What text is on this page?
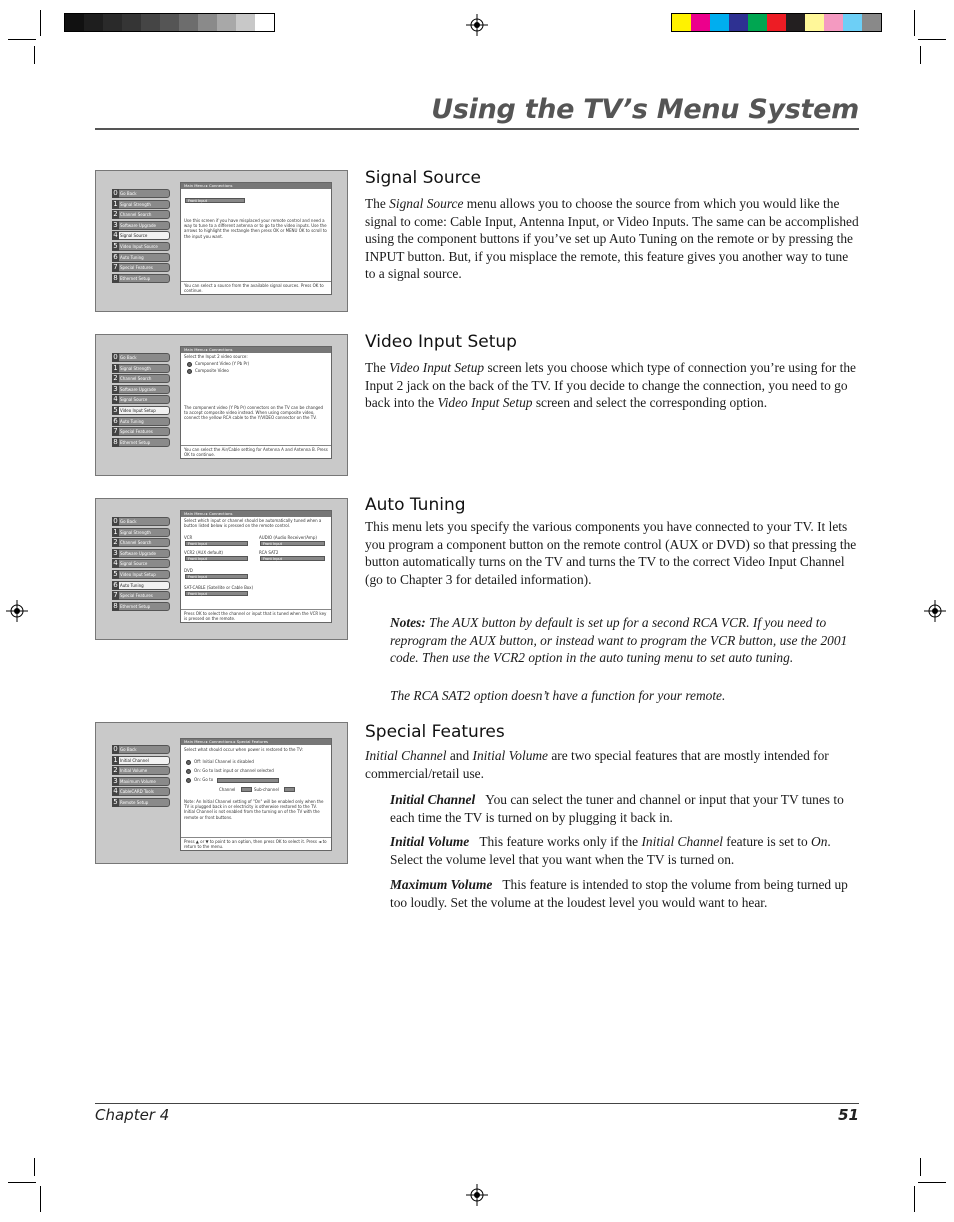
Using the TV’s Menu System
0 Go Back
1 Signal Strength
2 Channel Search
3 Software Upgrade
4 Signal Source
5 Video Input Source
6 Auto Tuning
7 Special Features
8 Ethernet Setup
Main Menu ▸ Connections
Front Input
Use this screen if you have misplaced your remote control and need a way to tune to a different antenna or to go to the video inputs. Use the arrows to highlight the rectangle then press OK or MENU OK to scroll to the input you want.
You can select a source from the available signal sources. Press OK to continue.
Signal Source

The Signal Source menu allows you to choose the source from which you would like the signal to come: Cable Input, Antenna Input, or Video Inputs. The same can be accomplished using the component buttons if you’ve set up Auto Tuning on the remote or by pressing the INPUT button. But, if you misplace the remote, this feature gives you another way to tune to a signal source.

0 Go Back
1 Signal Strength
2 Channel Search
3 Software Upgrade
4 Signal Source
5 Video Input Setup
6 Auto Tuning
7 Special Features
8 Ethernet Setup
Main Menu ▸ Connections
Select the Input 2 video source:
Component Video (Y Pb Pr)
Composite Video
The component video (Y Pb Pr) connectors on the TV can be changed to accept composite video instead. When using composite video, connect the yellow RCA cable to the Y/VIDEO connector on the TV.
You can select the Air/Cable setting for Antenna A and Antenna B. Press OK to continue.
Video Input Setup

The Video Input Setup screen lets you choose which type of connection you’re using for the Input 2 jack on the back of the TV. If you decide to change the connection, you need to go back into the Video Input Setup screen and select the corresponding option.

0 Go Back
1 Signal Strength
2 Channel Search
3 Software Upgrade
4 Signal Source
5 Video Input Setup
6 Auto Tuning
7 Special Features
8 Ethernet Setup
Main Menu ▸ Connections
Select which input or channel should be automatically tuned when a button listed below is pressed on the remote control.
VCR
Front Input
VCR2 (AUX default)
Front Input
DVD
Front Input
SAT-CABLE (Satellite or Cable Box)
Front Input
AUDIO (Audio Receiver/Amp)
Front Input
RCA SAT2
Front Input
Press OK to select the channel or input that is tuned when the VCR key is pressed on the remote.
Auto Tuning

This menu lets you specify the various components you have connected to your TV. It lets you program a component button on the remote control (AUX or DVD) so that pressing the button automatically turns on the TV and turns the TV to the correct Video Input Channel (go to Chapter 3 for detailed information).

Notes: The AUX button by default is set up for a second RCA VCR. If you need to reprogram the AUX button, or instead want to program the VCR button, use the 2001 code. Then use the VCR2 option in the auto tuning menu to set auto tuning.

The RCA SAT2 option doesn’t have a function for your remote.

0 Go Back
1 Initial Channel
2 Initial Volume
3 Maximum Volume
4 CableCARD Tools
5 Remote Setup
Main Menu ▸ Connections ▸ Special Features
Select what should occur when power is restored to the TV:
Off: Initial Channel is disabled
On: Go to last input or channel selected
On: Go to
Channel	Sub-channel
Note: An Initial Channel setting of "On" will be enabled only when the TV is plugged back in or electricity is otherwise restored to the TV. Initial Channel is not enabled from the turning on of the TV with the remote or front buttons.
Press ▲ or ▼ to point to an option, then press OK to select it. Press ◄ to return to the menu.
Special Features

Initial Channel and Initial Volume are two special features that are mostly intended for commercial/retail use.

Initial Channel You can select the tuner and channel or input that your TV tunes to each time the TV is turned on by plugging it back in.

Initial Volume This feature works only if the Initial Channel feature is set to On. Select the volume level that you want when the TV is turned on.

Maximum Volume This feature is intended to stop the volume from being turned up too loudly. Set the volume at the loudest level you would want to hear.

Chapter 4	51
